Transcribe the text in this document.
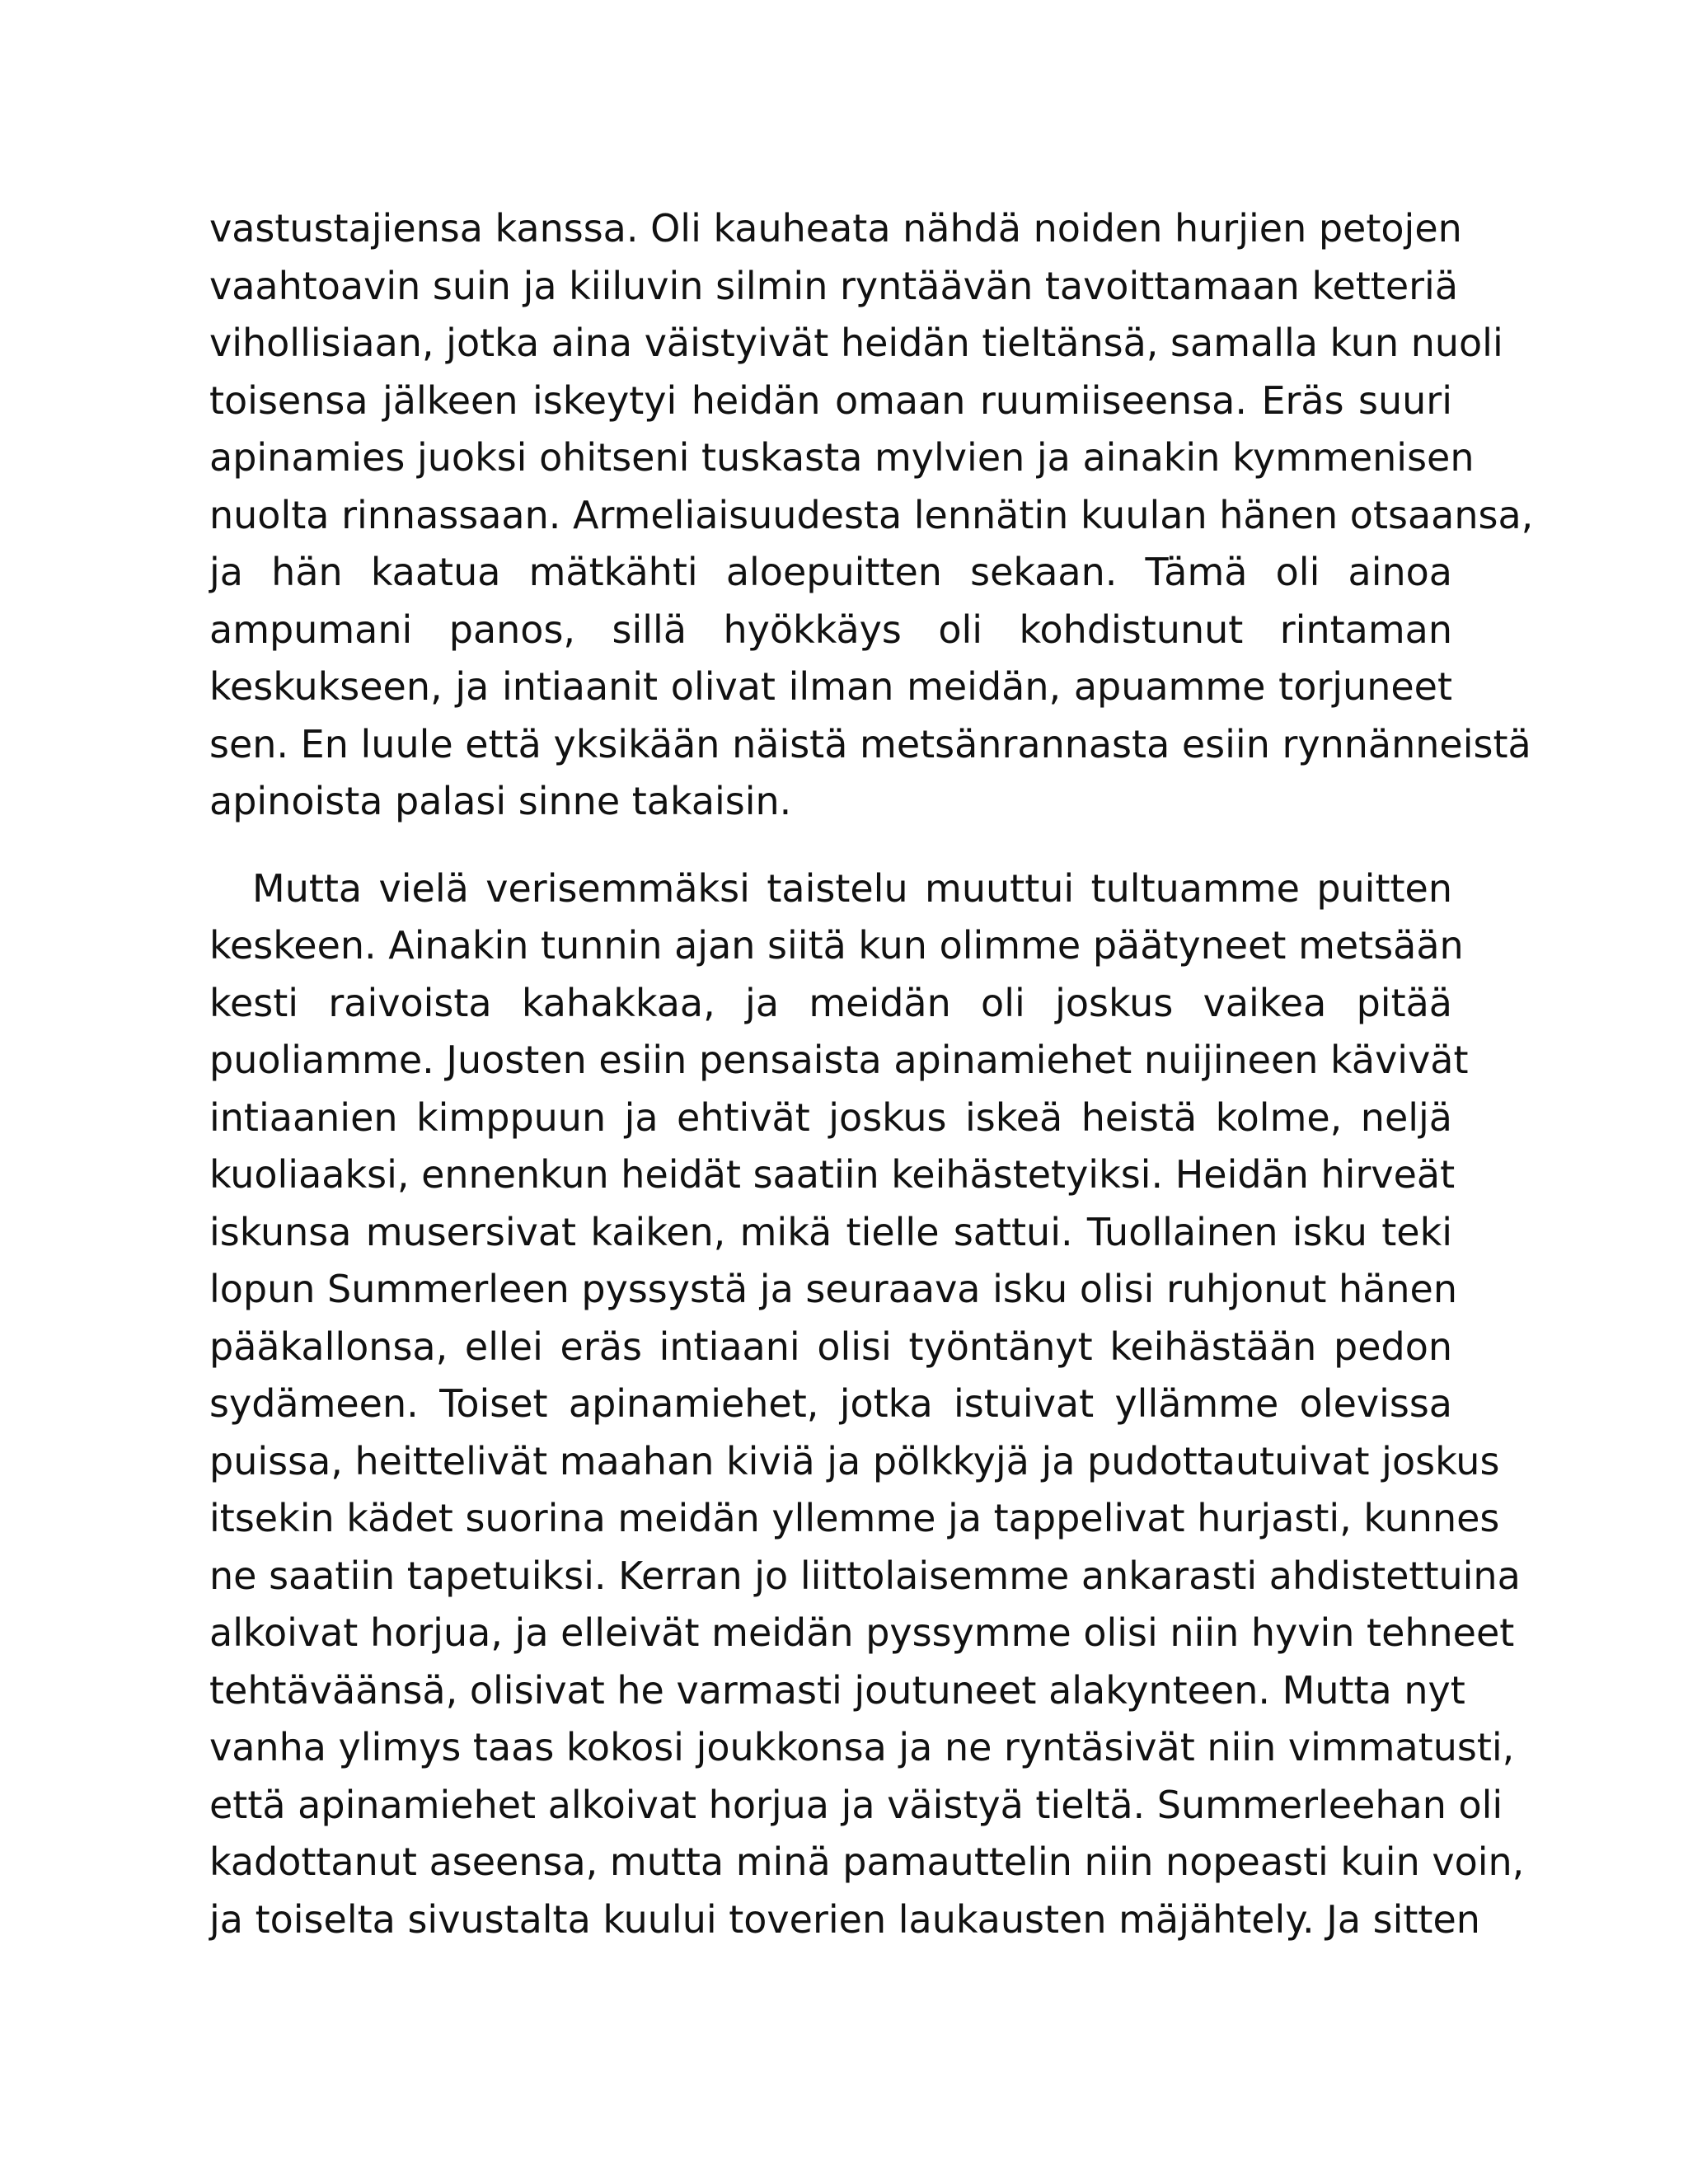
vastustajiensa kanssa. Oli kauheata nähdä noiden hurjien petojen
vaahtoavin suin ja kiiluvin silmin ryntäävän tavoittamaan ketteriä
vihollisiaan, jotka aina väistyivät heidän tieltänsä, samalla kun nuoli
toisensa jälkeen iskeytyi heidän omaan ruumiiseensa. Eräs suuri
apinamies juoksi ohitseni tuskasta mylvien ja ainakin kymmenisen
nuolta rinnassaan. Armeliaisuudesta lennätin kuulan hänen otsaansa,
ja hän kaatua mätkähti aloepuitten sekaan. Tämä oli ainoa
ampumani panos, sillä hyökkäys oli kohdistunut rintaman
keskukseen, ja intiaanit olivat ilman meidän, apuamme torjuneet
sen. En luule että yksikään näistä metsänrannasta esiin rynnänneistä
apinoista palasi sinne takaisin.
Mutta vielä verisemmäksi taistelu muuttui tultuamme puitten
keskeen. Ainakin tunnin ajan siitä kun olimme päätyneet metsään
kesti raivoista kahakkaa, ja meidän oli joskus vaikea pitää
puoliamme. Juosten esiin pensaista apinamiehet nuijineen kävivät
intiaanien kimppuun ja ehtivät joskus iskeä heistä kolme, neljä
kuoliaaksi, ennenkun heidät saatiin keihästetyiksi. Heidän hirveät
iskunsa musersivat kaiken, mikä tielle sattui. Tuollainen isku teki
lopun Summerleen pyssystä ja seuraava isku olisi ruhjonut hänen
pääkallonsa, ellei eräs intiaani olisi työntänyt keihästään pedon
sydämeen. Toiset apinamiehet, jotka istuivat yllämme olevissa
puissa, heittelivät maahan kiviä ja pölkkyjä ja pudottautuivat joskus
itsekin kädet suorina meidän yllemme ja tappelivat hurjasti, kunnes
ne saatiin tapetuiksi. Kerran jo liittolaisemme ankarasti ahdistettuina
alkoivat horjua, ja elleivät meidän pyssymme olisi niin hyvin tehneet
tehtäväänsä, olisivat he varmasti joutuneet alakynteen. Mutta nyt
vanha ylimys taas kokosi joukkonsa ja ne ryntäsivät niin vimmatusti,
että apinamiehet alkoivat horjua ja väistyä tieltä. Summerleehan oli
kadottanut aseensa, mutta minä pamauttelin niin nopeasti kuin voin,
ja toiselta sivustalta kuului toverien laukausten mäjähtely. Ja sitten
